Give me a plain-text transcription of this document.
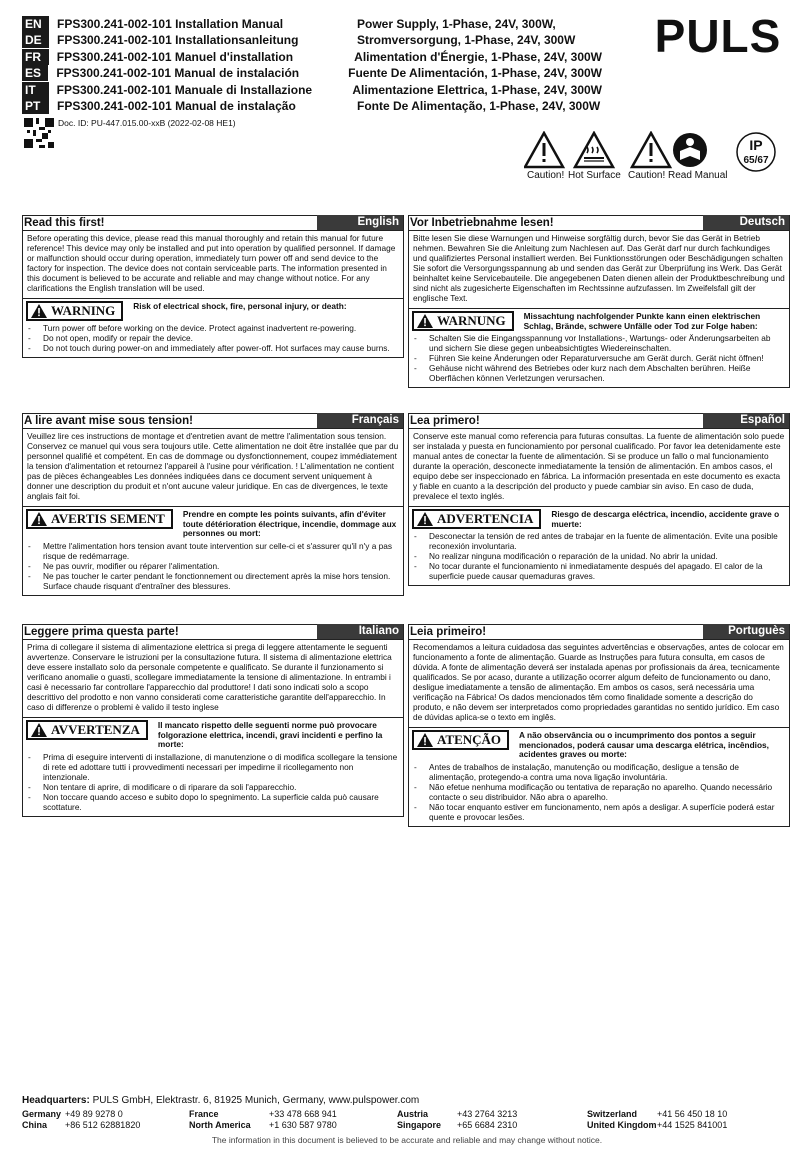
EN	FPS300.241-002-101 Installation Manual	Power Supply, 1-Phase, 24V, 300W,
DE	FPS300.241-002-101 Installationsanleitung	Stromversorgung, 1-Phase, 24V, 300W
FR	FPS300.241-002-101 Manuel d'installation	Alimentation d'Énergie, 1-Phase, 24V, 300W
ES	FPS300.241-002-101 Manual de instalación	Fuente De Alimentación, 1-Phase, 24V, 300W
IT	FPS300.241-002-101 Manuale di Installazione	Alimentazione Elettrica, 1-Phase, 24V, 300W
PT	FPS300.241-002-101 Manual de instalação	Fonte De Alimentação, 1-Phase, 24V, 300W
PULS
Doc. ID: PU-447.015.00-xxB (2022-02-08 HE1)
IP
65/67
Caution! Hot Surface Caution! Read Manual
Read this first!	English

Before operating this device, please read this manual thoroughly and retain this manual for future reference! This device may only be installed and put into operation by qualified personnel. If damage or malfunction should occur during operation, immediately turn power off and send device to the factory for inspection. The device does not contain serviceable parts. The information presented in this document is believed to be accurate and reliable and may change without notice. For any clarifications the English translation will be used.

WARNING	Risk of electrical shock, fire, personal injury, or death:
- Turn power off before working on the device. Protect against inadvertent re-powering.
- Do not open, modify or repair the device.
- Do not touch during power-on and immediately after power-off. Hot surfaces may cause burns.
Vor Inbetriebnahme lesen!	Deutsch

Bitte lesen Sie diese Warnungen und Hinweise sorgfältig durch, bevor Sie das Gerät in Betrieb nehmen. Bewahren Sie die Anleitung zum Nachlesen auf. Das Gerät darf nur durch fachkundiges und qualifiziertes Personal installiert werden. Bei Funktionsstörungen oder Beschädigungen schalten Sie sofort die Versorgungsspannung ab und senden das Gerät zur Überprüfung ins Werk. Das Gerät beinhaltet keine Servicebauteile. Die angegebenen Daten dienen allein der Produktbeschreibung und sind nicht als zugesicherte Eigenschaften im Rechtssinne aufzufassen. Im Zweifelsfall gilt der englische Text.

WARNUNG	Missachtung nachfolgender Punkte kann einen elektrischen Schlag, Brände, schwere Unfälle oder Tod zur Folge haben:
- Schalten Sie die Eingangsspannung vor Installations-, Wartungs- oder Änderungsarbeiten ab und sichern Sie diese gegen unbeabsichtigtes Wiedereinschalten.
- Führen Sie keine Änderungen oder Reparaturversuche am Gerät durch. Gerät nicht öffnen!
- Gehäuse nicht während des Betriebes oder kurz nach dem Abschalten berühren. Heiße Oberflächen können Verletzungen verursachen.
A lire avant mise sous tension!	Français

Veuillez lire ces instructions de montage et d'entretien avant de mettre l'alimentation sous tension. Conservez ce manuel qui vous sera toujours utile. Cette alimentation ne doit être installée que par du personnel qualifié et compétent. En cas de dommage ou dysfonctionnement, coupez immédiatement la tension d'alimentation et retournez l'appareil à l'usine pour vérification. ! L'alimentation ne contient pas de pièces échangeables Les données indiquées dans ce document servent uniquement à donner une description du produit et n'ont aucune valeur juridique. En cas de divergences, le texte anglais fait foi.

AVERTIS SEMENT	Prendre en compte les points suivants, afin d'éviter toute détérioration électrique, incendie, dommage aux personnes ou mort:
- Mettre l'alimentation hors tension avant toute intervention sur celle-ci et s'assurer qu'il n'y a pas risque de redémarrage.
- Ne pas ouvrir, modifier ou réparer l'alimentation.
- Ne pas toucher le carter pendant le fonctionnement ou directement après la mise hors tension. Surface chaude risquant d'entraîner des blessures.
Lea primero!	Español

Conserve este manual como referencia para futuras consultas. La fuente de alimentación solo puede ser instalada y puesta en funcionamiento por personal cualificado. Por favor lea detenidamente este manual antes de conectar la fuente de alimentación. Si se produce un fallo o mal funcionamiento durante la operación, desconecte inmediatamente la tensión de alimentación. En ambos casos, el equipo debe ser inspeccionado en fábrica. La información presentada en este documento es exacta y fiable en cuanto a la descripción del producto y puede cambiar sin aviso. En caso de duda, prevalece el texto inglés.

ADVERTENCIA	Riesgo de descarga eléctrica, incendio, accidente grave o muerte:
- Desconectar la tensión de red antes de trabajar en la fuente de alimentación. Evite una posible reconexión involuntaria.
- No realizar ninguna modificación o reparación de la unidad. No abrir la unidad.
- No tocar durante el funcionamiento ni inmediatamente después del apagado. El calor de la superficie puede causar quemaduras graves.
Leggere prima questa parte!	Italiano

Prima di collegare il sistema di alimentazione elettrica si prega di leggere attentamente le seguenti avvertenze. Conservare le istruzioni per la consultazione futura. Il sistema di alimentazione elettrica deve essere installato solo da personale competente e qualificato. Se durante il funzionamento si verificano anomalie o guasti, scollegare immediatamente la tensione di alimentazione. In entrambi i casi è necessario far controllare l'apparecchio dal produttore! I dati sono indicati solo a scopo descrittivo del prodotto e non vanno considerati come caratteristiche garantite dell'apparecchio. In caso di differenze o problemi è valido il testo inglese

AVVERTENZA	Il mancato rispetto delle seguenti norme può provocare folgorazione elettrica, incendi, gravi incidenti e perfino la morte:
- Prima di eseguire interventi di installazione, di manutenzione o di modifica scollegare la tensione di rete ed adottare tutti i provvedimenti necessari per impedirne il ricollegamento non intenzionale.
- Non tentare di aprire, di modificare o di riparare da soli l'apparecchio.
- Non toccare quando acceso e subito dopo lo spegnimento. La superficie calda può causare scottature.
Leia primeiro!	Portuguès

Recomendamos a leitura cuidadosa das seguintes advertências e observações, antes de colocar em funcionamento a fonte de alimentação. Guarde as Instruções para futura consulta, em casos de dúvida. A fonte de alimentação deverá ser instalada apenas por profissionais da área, tecnicamente qualificados. Se por acaso, durante a utilização ocorrer algum defeito de funcionamento ou dano, desligue imediatamente a tensão de alimentação. Em ambos os casos, será necessária uma verificação na Fábrica! Os dados mencionados têm como finalidade somente a descrição do produto, e não devem ser interpretados como propriedades garantidas no sentido jurídico. Em caso de dúvidas aplica-se o texto em inglês.

ATENÇÃO	A não observância ou o incumprimento dos pontos a seguir mencionados, poderá causar uma descarga elétrica, incêndios, acidentes graves ou morte:
- Antes de trabalhos de instalação, manutenção ou modificação, desligue a tensão de alimentação, protegendo-a contra uma nova ligação involuntária.
- Não efetue nenhuma modificação ou tentativa de reparação no aparelho. Quando necessário contacte o seu distribuidor. Não abra o aparelho.
- Não tocar enquanto estiver em funcionamento, nem após a desligar. A superfície poderá estar quente e provocar lesões.
Headquarters: PULS GmbH, Elektrastr. 6, 81925 Munich, Germany, www.pulspower.com
Germany +49 89 9278 0	France	+33 478 668 941	Austria	+43 2764 3213	Switzerland	+41 56 450 18 10
China	+86 512 62881820	North America	+1 630 587 9780	Singapore	+65 6684 2310	United Kingdom +44 1525 841001
The information in this document is believed to be accurate and reliable and may change without notice.
